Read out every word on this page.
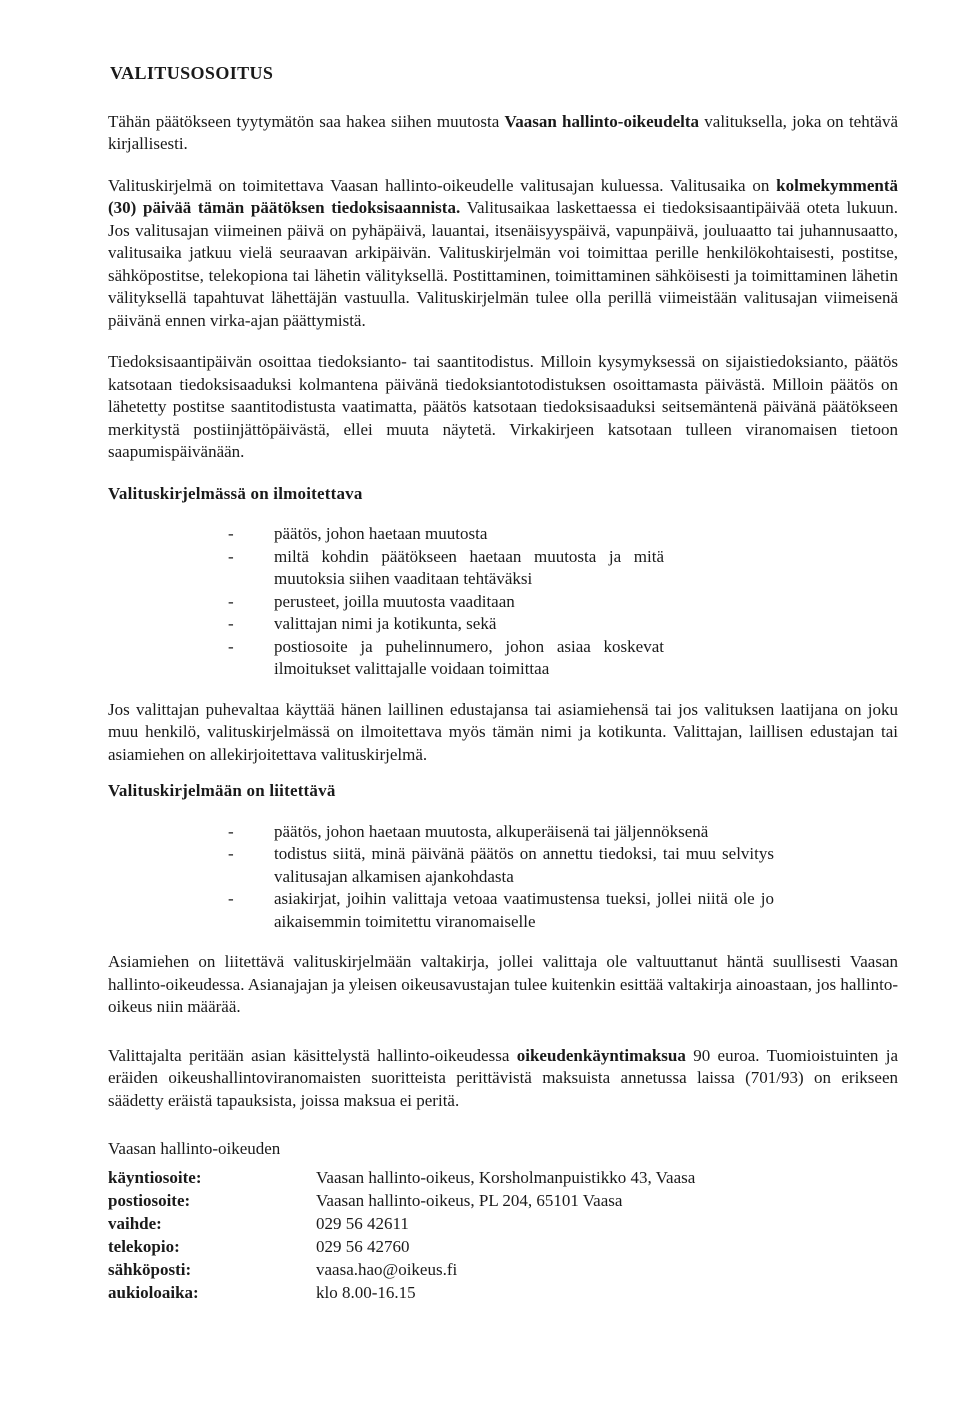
VALITUSOSOITUS

Tähän päätökseen tyytymätön saa hakea siihen muutosta Vaasan hallinto-oikeudelta valituksella, joka on tehtävä kirjallisesti.

Valituskirjelmä on toimitettava Vaasan hallinto-oikeudelle valitusajan kuluessa. Valitusaika on kolmekymmentä (30) päivää tämän päätöksen tiedoksisaannista. Valitusaikaa laskettaessa ei tiedoksisaantipäivää oteta lukuun. Jos valitusajan viimeinen päivä on pyhäpäivä, lauantai, itsenäisyyspäivä, vapunpäivä, jouluaatto tai juhannusaatto, valitusaika jatkuu vielä seuraavan arkipäivän. Valituskirjelmän voi toimittaa perille henkilökohtaisesti, postitse, sähköpostitse, telekopiona tai lähetin välityksellä. Postittaminen, toimittaminen sähköisesti ja toimittaminen lähetin välityksellä tapahtuvat lähettäjän vastuulla. Valituskirjelmän tulee olla perillä viimeistään valitusajan viimeisenä päivänä ennen virka-ajan päättymistä.

Tiedoksisaantipäivän osoittaa tiedoksianto- tai saantitodistus. Milloin kysymyksessä on sijaistiedoksianto, päätös katsotaan tiedoksisaaduksi kolmantena päivänä tiedoksiantotodistuksen osoittamasta päivästä. Milloin päätös on lähetetty postitse saantitodistusta vaatimatta, päätös katsotaan tiedoksisaaduksi seitsemäntenä päivänä päätökseen merkitystä postiinjättöpäivästä, ellei muuta näytetä. Virkakirjeen katsotaan tulleen viranomaisen tietoon saapumispäivänään.

Valituskirjelmässä on ilmoitettava
- päätös, johon haetaan muutosta
- miltä kohdin päätökseen haetaan muutosta ja mitä muutoksia siihen vaaditaan tehtäväksi
- perusteet, joilla muutosta vaaditaan
- valittajan nimi ja kotikunta, sekä
- postiosoite ja puhelinnumero, johon asiaa koskevat ilmoitukset valittajalle voidaan toimittaa

Jos valittajan puhevaltaa käyttää hänen laillinen edustajansa tai asiamiehensä tai jos valituksen laatijana on joku muu henkilö, valituskirjelmässä on ilmoitettava myös tämän nimi ja kotikunta. Valittajan, laillisen edustajan tai asiamiehen on allekirjoitettava valituskirjelmä.

Valituskirjelmään on liitettävä
- päätös, johon haetaan muutosta, alkuperäisenä tai jäljennöksenä
- todistus siitä, minä päivänä päätös on annettu tiedoksi, tai muu selvitys valitusajan alkamisen ajankohdasta
- asiakirjat, joihin valittaja vetoaa vaatimustensa tueksi, jollei niitä ole jo aikaisemmin toimitettu viranomaiselle

Asiamiehen on liitettävä valituskirjelmään valtakirja, jollei valittaja ole valtuuttanut häntä suullisesti Vaasan hallinto-oikeudessa. Asianajajan ja yleisen oikeusavustajan tulee kuitenkin esittää valtakirja ainoastaan, jos hallinto-oikeus niin määrää.

Valittajalta peritään asian käsittelystä hallinto-oikeudessa oikeudenkäyntimaksua 90 euroa. Tuomioistuinten ja eräiden oikeushallintoviranomaisten suoritteista perittävistä maksuista annetussa laissa (701/93) on erikseen säädetty eräistä tapauksista, joissa maksua ei peritä.

Vaasan hallinto-oikeuden

käyntiosoite:	Vaasan hallinto-oikeus, Korsholmanpuistikko 43, Vaasa
postiosoite:	Vaasan hallinto-oikeus, PL 204, 65101 Vaasa
vaihde:	029 56 42611
telekopio:	029 56 42760
sähköposti:	vaasa.hao@oikeus.fi
aukioloaika:	klo 8.00-16.15
